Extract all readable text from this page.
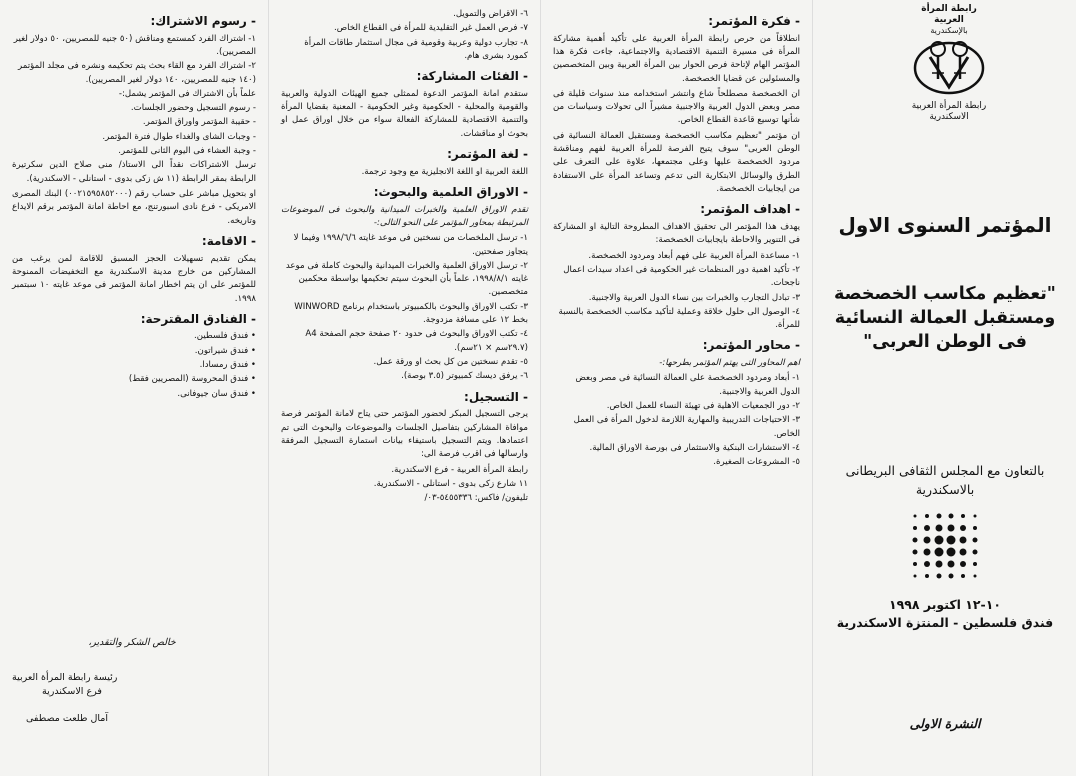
- رسوم الاشتراك:
١- اشتراك الفرد كمستمع ومناقش (٥٠ جنيه للمصريين، ٥٠ دولار لغير المصريين).
٢- اشتراك الفرد مع القاء بحث يتم تحكيمه ونشره فى مجلد المؤتمر (١٤٠ جنيه للمصريين، ١٤٠ دولار لغير المصريين).
علماً بأن الاشتراك فى المؤتمر يشمل:-
- رسوم التسجيل وحضور الجلسات.
- حقيبة المؤتمر واوراق المؤتمر.
- وجبات الشاى والغداء طوال فترة المؤتمر.
- وجبة العشاء فى اليوم الثانى للمؤتمر.
ترسل الاشتراكات نقداً الى الاستاذ/ منى صلاح الدين سكرتيرة الرابطة بمقر الرابطة (١١ ش زكى بدوى - استانلى - الاسكندرية).
او بتحويل مباشر على حساب رقم (٠٠٢١٥٩٥٨٥٢٠٠٠) البنك المصرى الامريكى - فرع نادى اسبورتنج، مع احاطة امانة المؤتمر برقم الايداع وتاريخه.
- الاقامة:
يمكن تقديم تسهيلات الحجز المسبق للاقامة لمن يرغب من المشاركين من خارج مدينة الاسكندرية مع التخفيضات الممنوحة للمؤتمر على ان يتم اخطار امانة المؤتمر فى موعد غايته ١٠ سبتمبر ١٩٩٨.
- الفنادق المقترحة:
• فندق فلسطين.
• فندق شيراتون.
• فندق رمسادا.
• فندق المحروسة (المصريين فقط)
• فندق سان جيوفانى.
خالص الشكر والتقدير،
رئيسة رابطة المرأة العربية
فرع الاسكندرية
آمال طلعت مصطفى
٦- الاقراض والتمويل.
٧- فرص العمل غير التقليدية للمرأة فى القطاع الخاص.
٨- تجارب دولية وعربية وقومية فى مجال استثمار طاقات المرأة كمورد بشرى هام.
- الفئات المشاركة:
ستقدم امانة المؤتمر الدعوة لممثلى جميع الهيئات الدولية والعربية والقومية والمحلية - الحكومية وغير الحكومية - المعنية بقضايا المرأة والتنمية الاقتصادية للمشاركة الفعالة سواء من خلال اوراق عمل او بحوث او مناقشات.
- لغة المؤتمر:
اللغة العربية او اللغة الانجليزية مع وجود ترجمة.
- الاوراق العلمية والبحوث:
تقدم الاوراق العلمية والخبرات الميدانية والبحوث فى الموضوعات المرتبطة بمحاور المؤتمر على النحو التالى:-
١- ترسل الملخصات من نسختين فى موعد غايته ١٩٩٨/٦/٦ وفيما لا يتجاوز صفحتين.
٢- ترسل الاوراق العلمية والخبرات الميدانية والبحوث كاملة فى موعد غايته ١٩٩٨/٨/١، علماً بأن البحوث سيتم تحكيمها بواسطة محكمين متخصصين.
٣- تكتب الاوراق والبحوث بالكمبيوتر باستخدام برنامج WINWORD بخط ١٢ على مسافة مزدوجة.
٤- تكتب الاوراق والبحوث فى حدود ٢٠ صفحة حجم الصفحة A4 (٢٩.٧سم × ٢١سم).
٥- تقدم نسختين من كل بحث او ورقة عمل.
٦- يرفق ديسك كمبيوتر (٣.٥ بوصة).
- التسجيل:
يرجى التسجيل المبكر لحضور المؤتمر حتى يتاح لامانة المؤتمر فرصة موافاة المشاركين بتفاصيل الجلسات والموضوعات والبحوث التى تم اعتمادها. ويتم التسجيل باستيفاء بيانات استمارة التسجيل المرفقة وارسالها فى اقرب فرصة الى:
رابطة المرأة العربية - فرع الاسكندرية.
١١ شارع زكى بدوى - استانلى - الاسكندرية.
تليفون/ فاكس: ٥٤٥٥٣٣٦-٠٣/
- فكرة المؤتمر:
انطلاقاً من حرص رابطة المرأة العربية على تأكيد أهمية مشاركة المرأة فى مسيرة التنمية الاقتصادية والاجتماعية، جاءت فكرة هذا المؤتمر الهام لإتاحة فرص الحوار بين المرأة العربية وبين المتخصصين والمسئولين عن قضايا الخصخصة.
ان الخصخصة مصطلحاً شاع وانتشر استخدامه منذ سنوات قليلة فى مصر وبعض الدول العربية والاجنبية مشيراً الى تحولات وسياسات من شأنها توسيع قاعدة القطاع الخاص.
ان مؤتمر "تعظيم مكاسب الخصخصة ومستقبل العمالة النسائية فى الوطن العربى" سوف يتيح الفرصة للمرأة العربية لفهم ومناقشة مردود الخصخصة عليها وعلى مجتمعها، علاوة على التعرف على الطرق والوسائل الابتكارية التى تدعم وتساعد المرأة على الاستفادة من ايجابيات الخصخصة.
- اهداف المؤتمر:
يهدف هذا المؤتمر الى تحقيق الاهداف المطروحة التالية او المشاركة فى التنوير والاحاطة بايجابيات الخصخصة:
١- مساعدة المرأة العربية على فهم أبعاد ومردود الخصخصة.
٢- تأكيد اهمية دور المنظمات غير الحكومية فى اعداد سيدات اعمال ناجحات.
٣- تبادل التجارب والخبرات بين نساء الدول العربية والاجنبية.
٤- الوصول الى حلول خلاقة وعملية لتأكيد مكاسب الخصخصة بالنسبة للمرأة.
- محاور المؤتمر:
اهم المحاور التى يهتم المؤتمر بطرحها:-
١- أبعاد ومردود الخصخصة على العمالة النسائية فى مصر وبعض الدول العربية والاجنبية.
٢- دور الجمعيات الاهلية فى تهيئة النساء للعمل الخاص.
٣- الاحتياجات التدريبية والمهارية اللازمة لدخول المرأة فى العمل الخاص.
٤- الاستشارات البنكية والاستثمار فى بورصة الاوراق المالية.
٥- المشروعات الصغيرة.
رابطة المرأة العربية
بالإسكندرية
رابطة المرأة العربية
الاسكندرية
المؤتمر السنوى الاول
"تعظيم مكاسب الخصخصة ومستقبل العمالة النسائية فى الوطن العربى"
بالتعاون مع المجلس الثقافى البريطانى بالاسكندرية
١٠-١٢ اكتوبر ١٩٩٨
فندق فلسطين - المنتزة الاسكندرية
النشرة الاولى
